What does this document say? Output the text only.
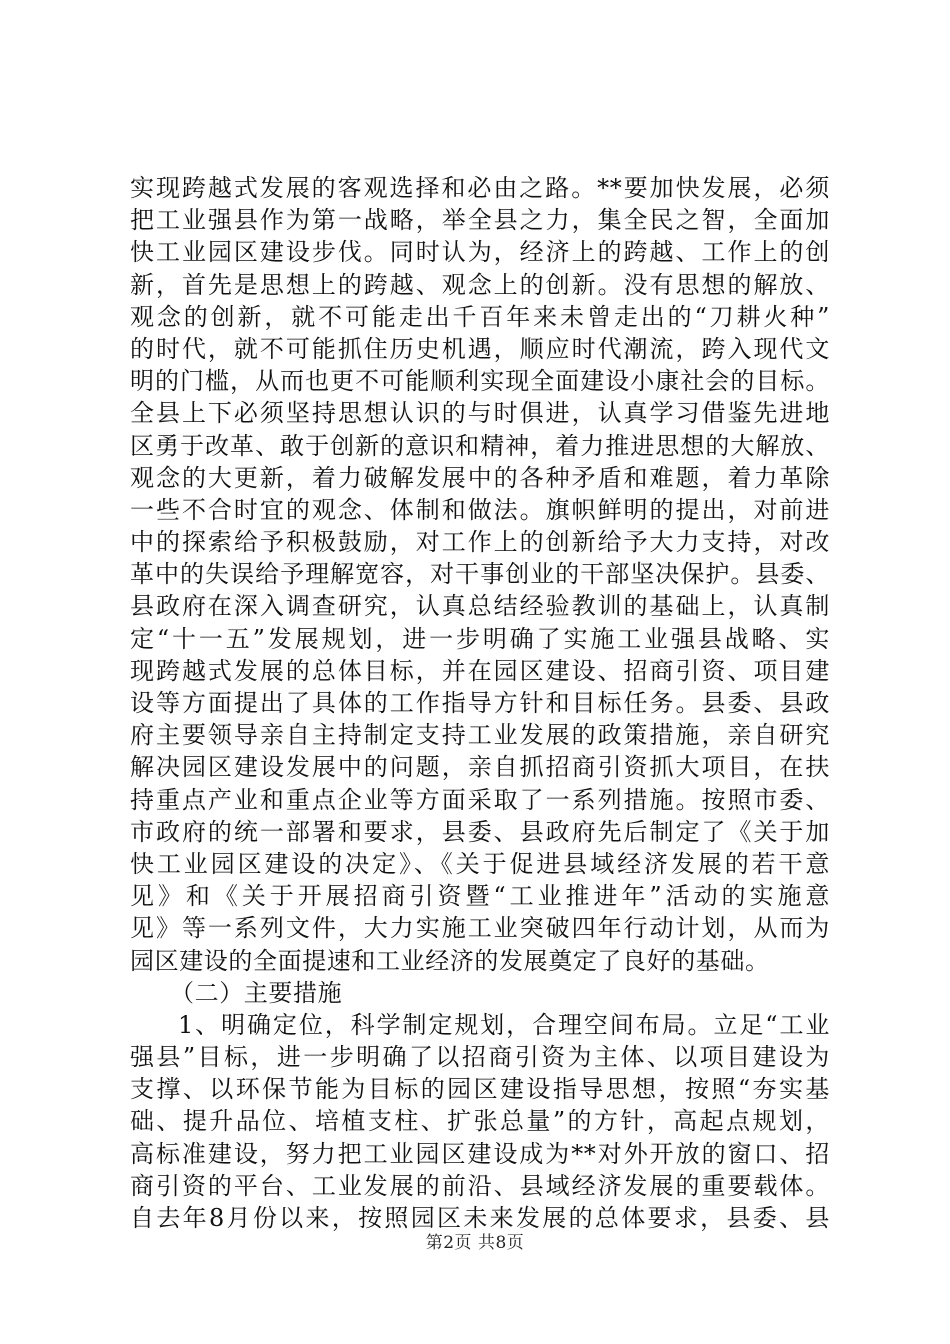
实现跨越式发展的客观选择和必由之路。**要加快发展，必须
把工业强县作为第一战略，举全县之力，集全民之智，全面加
快工业园区建设步伐。同时认为，经济上的跨越、工作上的创
新，首先是思想上的跨越、观念上的创新。没有思想的解放、
观念的创新，就不可能走出千百年来未曾走出的“刀耕火种”
的时代，就不可能抓住历史机遇，顺应时代潮流，跨入现代文
明的门槛，从而也更不可能顺利实现全面建设小康社会的目标。
全县上下必须坚持思想认识的与时俱进，认真学习借鉴先进地
区勇于改革、敢于创新的意识和精神，着力推进思想的大解放、
观念的大更新，着力破解发展中的各种矛盾和难题，着力革除
一些不合时宜的观念、体制和做法。旗帜鲜明的提出，对前进
中的探索给予积极鼓励，对工作上的创新给予大力支持，对改
革中的失误给予理解宽容，对干事创业的干部坚决保护。县委、
县政府在深入调查研究，认真总结经验教训的基础上，认真制
定“十一五”发展规划，进一步明确了实施工业强县战略、实
现跨越式发展的总体目标，并在园区建设、招商引资、项目建
设等方面提出了具体的工作指导方针和目标任务。县委、县政
府主要领导亲自主持制定支持工业发展的政策措施，亲自研究
解决园区建设发展中的问题，亲自抓招商引资抓大项目，在扶
持重点产业和重点企业等方面采取了一系列措施。按照市委、
市政府的统一部署和要求，县委、县政府先后制定了《关于加
快工业园区建设的决定》、《关于促进县域经济发展的若干意
见》和《关于开展招商引资暨“工业推进年”活动的实施意
见》等一系列文件，大力实施工业突破四年行动计划，从而为
园区建设的全面提速和工业经济的发展奠定了良好的基础。
（二）主要措施
1、明确定位，科学制定规划，合理空间布局。立足“工业
强县”目标，进一步明确了以招商引资为主体、以项目建设为
支撑、以环保节能为目标的园区建设指导思想，按照“夯实基
础、提升品位、培植支柱、扩张总量”的方针，高起点规划，
高标准建设，努力把工业园区建设成为**对外开放的窗口、招
商引资的平台、工业发展的前沿、县域经济发展的重要载体。
自去年8月份以来，按照园区未来发展的总体要求，县委、县
第2页 共8页
